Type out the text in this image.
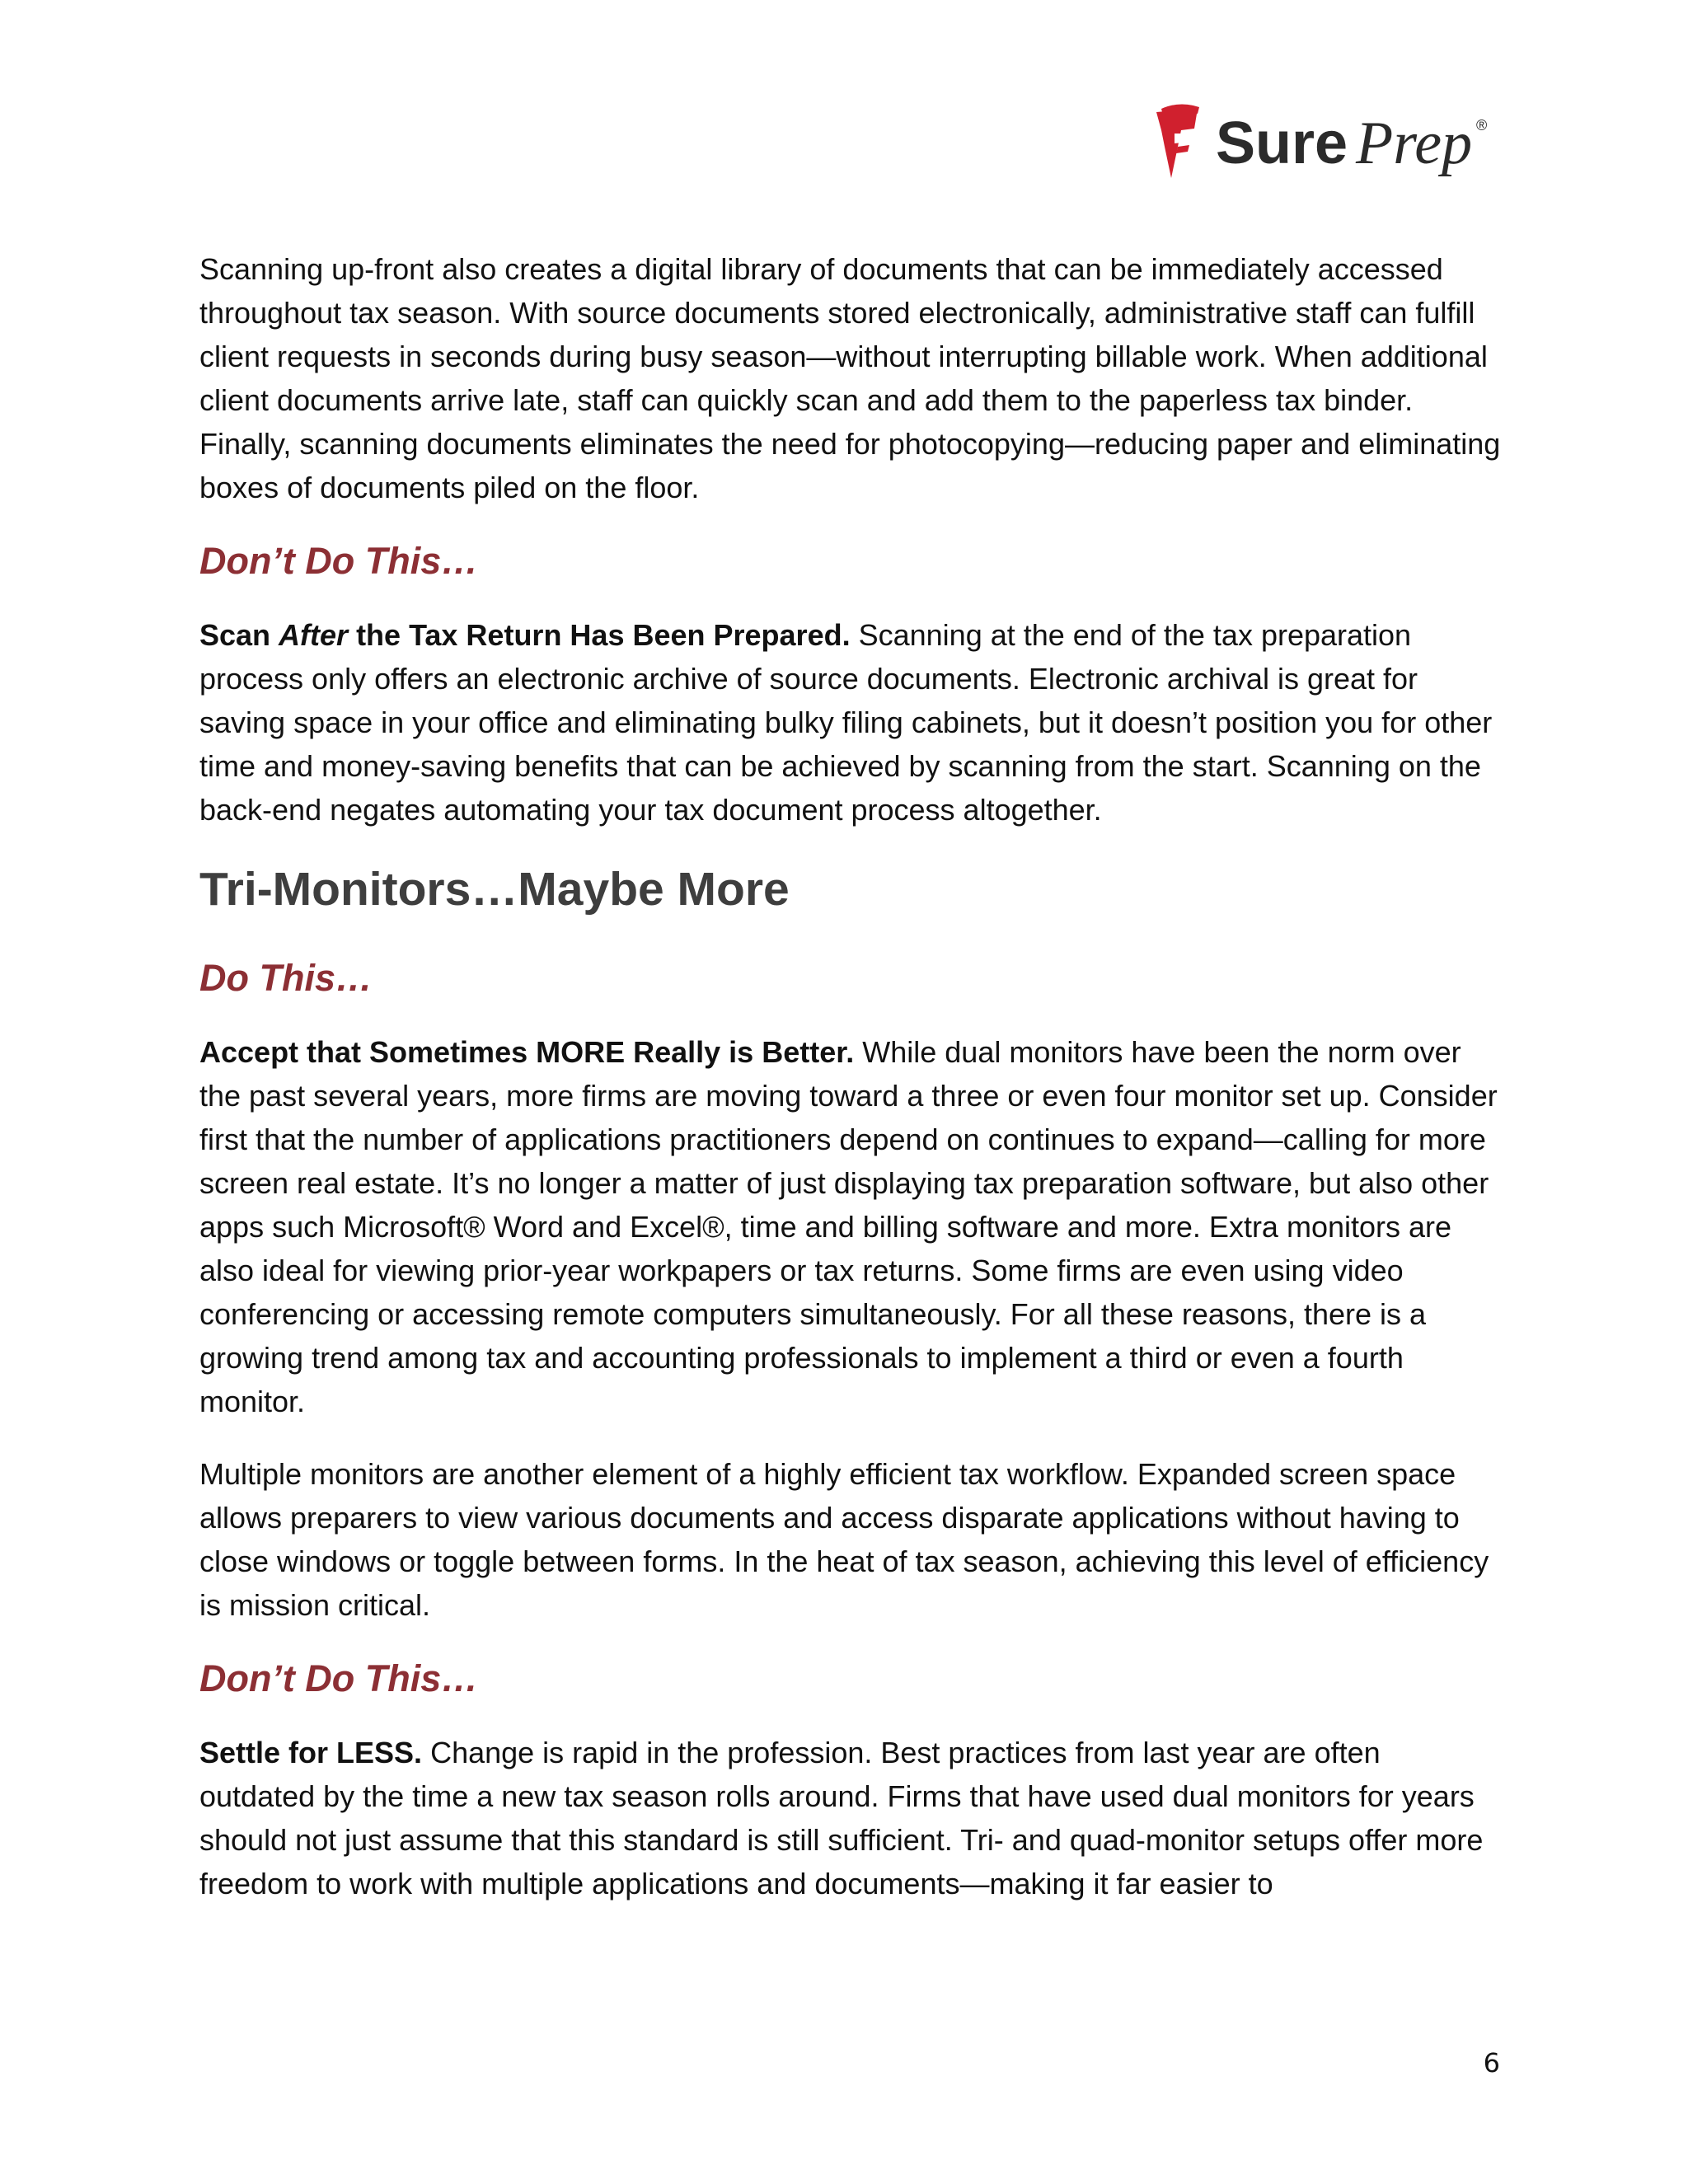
Sure Prep ®

Scanning up-front also creates a digital library of documents that can be immediately accessed throughout tax season. With source documents stored electronically, administrative staff can fulfill client requests in seconds during busy season—without interrupting billable work. When additional client documents arrive late, staff can quickly scan and add them to the paperless tax binder. Finally, scanning documents eliminates the need for photocopying—reducing paper and eliminating boxes of documents piled on the floor.

Don’t Do This…

Scan After the Tax Return Has Been Prepared. Scanning at the end of the tax preparation process only offers an electronic archive of source documents. Electronic archival is great for saving space in your office and eliminating bulky filing cabinets, but it doesn’t position you for other time and money-saving benefits that can be achieved by scanning from the start. Scanning on the back-end negates automating your tax document process altogether.

Tri-Monitors…Maybe More
Do This…

Accept that Sometimes MORE Really is Better. While dual monitors have been the norm over the past several years, more firms are moving toward a three or even four monitor set up. Consider first that the number of applications practitioners depend on continues to expand—calling for more screen real estate. It’s no longer a matter of just displaying tax preparation software, but also other apps such Microsoft® Word and Excel®, time and billing software and more. Extra monitors are also ideal for viewing prior-year workpapers or tax returns. Some firms are even using video conferencing or accessing remote computers simultaneously. For all these reasons, there is a growing trend among tax and accounting professionals to implement a third or even a fourth monitor.

Multiple monitors are another element of a highly efficient tax workflow. Expanded screen space allows preparers to view various documents and access disparate applications without having to close windows or toggle between forms. In the heat of tax season, achieving this level of efficiency is mission critical.

Don’t Do This…

Settle for LESS. Change is rapid in the profession. Best practices from last year are often outdated by the time a new tax season rolls around. Firms that have used dual monitors for years should not just assume that this standard is still sufficient. Tri- and quad-monitor setups offer more freedom to work with multiple applications and documents—making it far easier to

6
